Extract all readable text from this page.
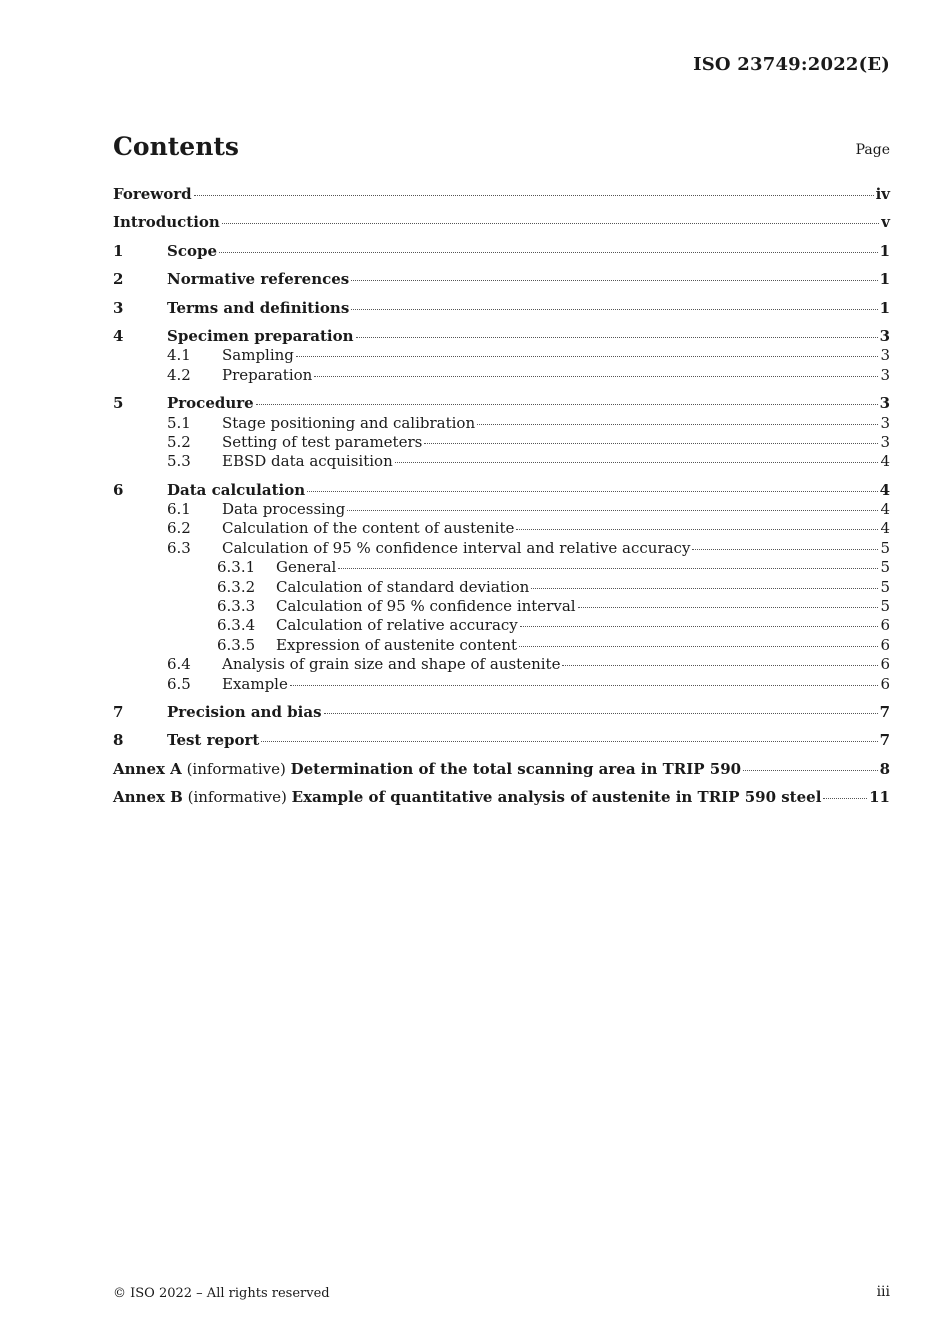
ISO 23749:2022(E)
Contents	Page
Foreword	iv
Introduction	v
1	Scope	1
2	Normative references	1
3	Terms and definitions	1
4	Specimen preparation	3
4.1	Sampling	3
4.2	Preparation	3
5	Procedure	3
5.1	Stage positioning and calibration	3
5.2	Setting of test parameters	3
5.3	EBSD data acquisition	4
6	Data calculation	4
6.1	Data processing	4
6.2	Calculation of the content of austenite	4
6.3	Calculation of 95 % confidence interval and relative accuracy	5
6.3.1	General	5
6.3.2	Calculation of standard deviation	5
6.3.3	Calculation of 95 % confidence interval	5
6.3.4	Calculation of relative accuracy	6
6.3.5	Expression of austenite content	6
6.4	Analysis of grain size and shape of austenite	6
6.5	Example	6
7	Precision and bias	7
8	Test report	7
Annex A (informative) Determination of the total scanning area in TRIP 590	8
Annex B (informative) Example of quantitative analysis of austenite in TRIP 590 steel	11
© ISO 2022 – All rights reserved	iii
